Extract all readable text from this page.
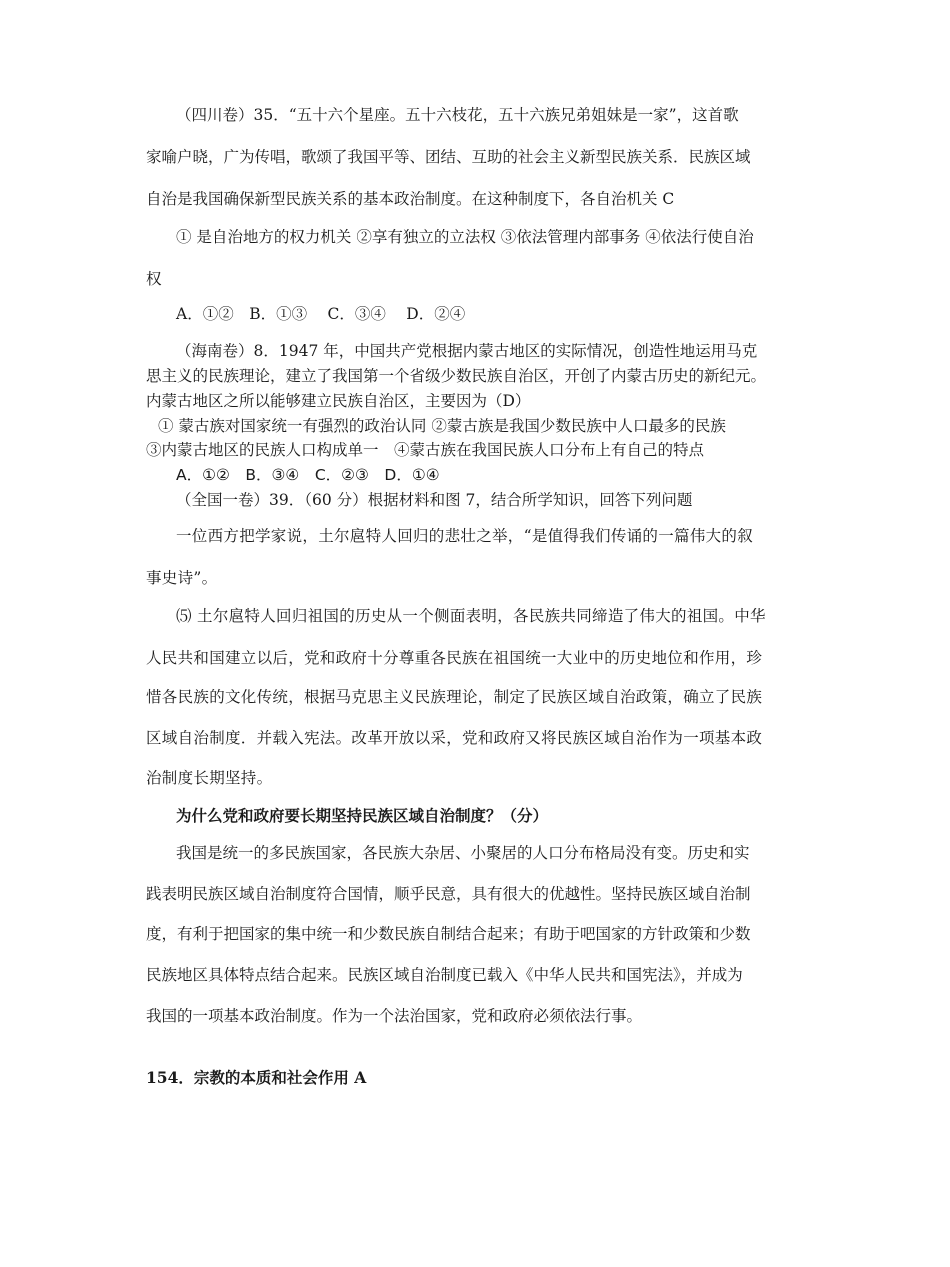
（四川卷）35．“五十六个星座。五十六枝花，五十六族兄弟姐妹是一家”，这首歌
家喻户晓，广为传唱，歌颂了我国平等、团结、互助的社会主义新型民族关系．民族区域
自治是我国确保新型民族关系的基本政治制度。在这种制度下，各自治机关 C
① 是自治地方的权力机关 ②享有独立的立法权 ③依法管理内部事务 ④依法行使自治
权
A．①②　B．①③　 C．③④　 D．②④
（海南卷）8．1947 年，中国共产党根据内蒙古地区的实际情况，创造性地运用马克
思主义的民族理论，建立了我国第一个省级少数民族自治区，开创了内蒙古历史的新纪元。
内蒙古地区之所以能够建立民族自治区，主要因为（D）
① 蒙古族对国家统一有强烈的政治认同 ②蒙古族是我国少数民族中人口最多的民族
③内蒙古地区的民族人口构成单一　④蒙古族在我国民族人口分布上有自己的特点
A．①②　B．③④　C．②③　D．①④
（全国一卷）39．（60 分）根据材料和图 7，结合所学知识，回答下列问题
一位西方把学家说，土尔扈特人回归的悲壮之举，“是值得我们传诵的一篇伟大的叙
事史诗”。
⑸ 土尔扈特人回归祖国的历史从一个侧面表明，各民族共同缔造了伟大的祖国。中华
人民共和国建立以后，党和政府十分尊重各民族在祖国统一大业中的历史地位和作用，珍
惜各民族的文化传统，根据马克思主义民族理论，制定了民族区域自治政策，确立了民族
区域自治制度．并载入宪法。改革开放以采，党和政府又将民族区域自治作为一项基本政
治制度长期坚持。
为什么党和政府要长期坚持民族区域自治制度？（分）
我国是统一的多民族国家，各民族大杂居、小聚居的人口分布格局没有变。历史和实
践表明民族区域自治制度符合国情，顺乎民意，具有很大的优越性。坚持民族区域自治制
度，有利于把国家的集中统一和少数民族自制结合起来；有助于吧国家的方针政策和少数
民族地区具体特点结合起来。民族区域自治制度已载入《中华人民共和国宪法》，并成为
我国的一项基本政治制度。作为一个法治国家，党和政府必须依法行事。
154．宗教的本质和社会作用 A
